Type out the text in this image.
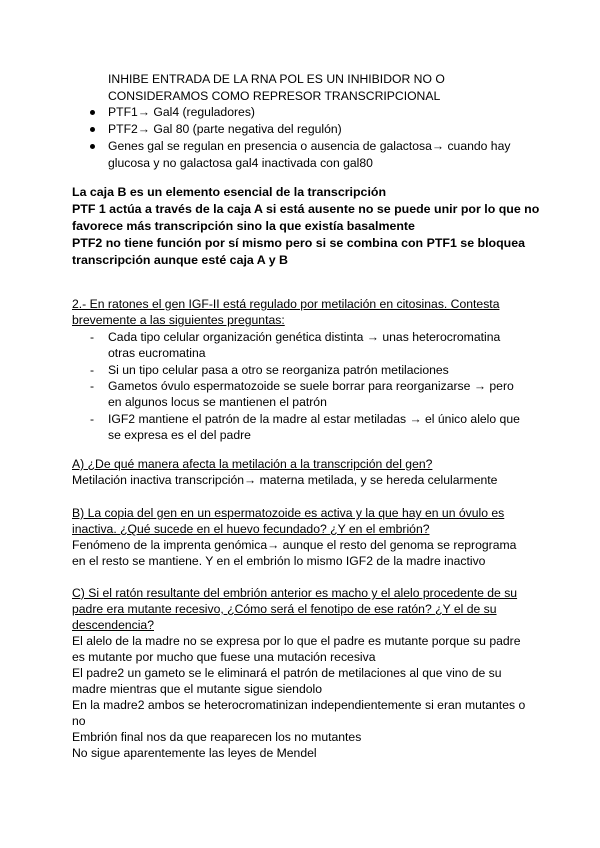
INHIBE ENTRADA DE LA RNA POL ES UN INHIBIDOR NO O
CONSIDERAMOS COMO REPRESOR TRANSCRIPCIONAL
PTF1→ Gal4 (reguladores)
PTF2→ Gal 80 (parte negativa del regulón)
Genes gal se regulan en presencia o ausencia de galactosa→ cuando hay
glucosa y no galactosa gal4 inactivada con gal80
La caja B es un elemento esencial de la transcripción
PTF 1 actúa a través de la caja A si está ausente no se puede unir por lo que no
favorece más transcripción sino la que existía basalmente
PTF2 no tiene función por sí mismo pero si se combina con PTF1 se bloquea
transcripción aunque esté caja A y B
2.- En ratones el gen IGF-II está regulado por metilación en citosinas. Contesta
brevemente a las siguientes preguntas:
- Cada tipo celular organización genética distinta → unas heterocromatina
otras eucromatina
- Si un tipo celular pasa a otro se reorganiza patrón metilaciones
- Gametos óvulo espermatozoide se suele borrar para reorganizarse → pero
en algunos locus se mantienen el patrón
- IGF2 mantiene el patrón de la madre al estar metiladas → el único alelo que
se expresa es el del padre
A) ¿De qué manera afecta la metilación a la transcripción del gen?
Metilación inactiva transcripción→ materna metilada, y se hereda celularmente
B) La copia del gen en un espermatozoide es activa y la que hay en un óvulo es
inactiva. ¿Qué sucede en el huevo fecundado? ¿Y en el embrión?
Fenómeno de la imprenta genómica→ aunque el resto del genoma se reprograma
en el resto se mantiene. Y en el embrión lo mismo IGF2 de la madre inactivo
C) Si el ratón resultante del embrión anterior es macho y el alelo procedente de su
padre era mutante recesivo, ¿Cómo será el fenotipo de ese ratón? ¿Y el de su
descendencia?
El alelo de la madre no se expresa por lo que el padre es mutante porque su padre
es mutante por mucho que fuese una mutación recesiva
El padre2 un gameto se le eliminará el patrón de metilaciones al que vino de su
madre mientras que el mutante sigue siendolo
En la madre2 ambos se heterocromatinizan independientemente si eran mutantes o
no
Embrión final nos da que reaparecen los no mutantes
No sigue aparentemente las leyes de Mendel
